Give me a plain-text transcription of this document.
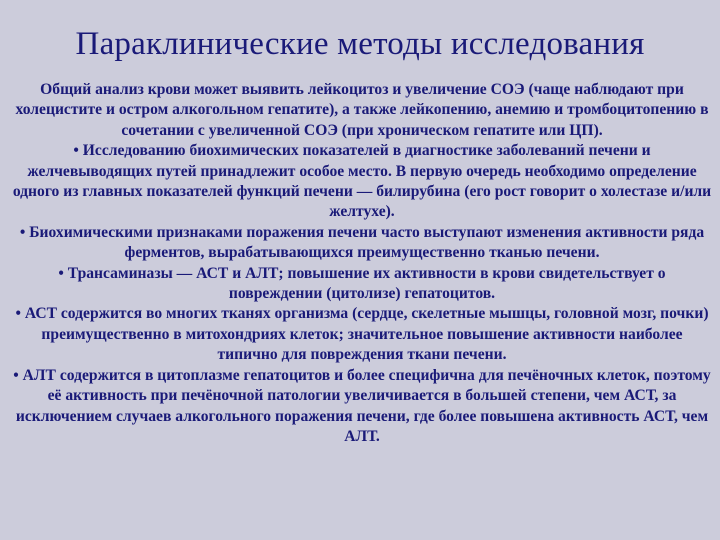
Параклинические методы исследования

Общий анализ крови может выявить лейкоцитоз и увеличение СОЭ (чаще наблюдают при холецистите и остром алкогольном гепатите), а также лейкопению, анемию и тромбоцитопению в сочетании с увеличенной СОЭ (при хроническом гепатите или ЦП).

• Исследованию биохимических показателей в диагностике заболеваний печени и желчевыводящих путей принадлежит особое место. В первую очередь необходимо определение одного из главных показателей функций печени — билирубина (его рост говорит о холестазе и/или желтухе).

• Биохимическими признаками поражения печени часто выступают изменения активности ряда ферментов, вырабатывающихся преимущественно тканью печени.

• Трансаминазы — АСТ и АЛТ; повышение их активности в крови свидетельствует о повреждении (цитолизе) гепатоцитов.

• АСТ содержится во многих тканях организма (сердце, скелетные мышцы, головной мозг, почки) преимущественно в митохондриях клеток; значительное повышение активности наиболее типично для повреждения ткани печени.

• АЛТ содержится в цитоплазме гепатоцитов и более специфична для печёночных клеток, поэтому её активность при печёночной патологии увеличивается в большей степени, чем АСТ, за исключением случаев алкогольного поражения печени, где более повышена активность АСТ, чем АЛТ.
